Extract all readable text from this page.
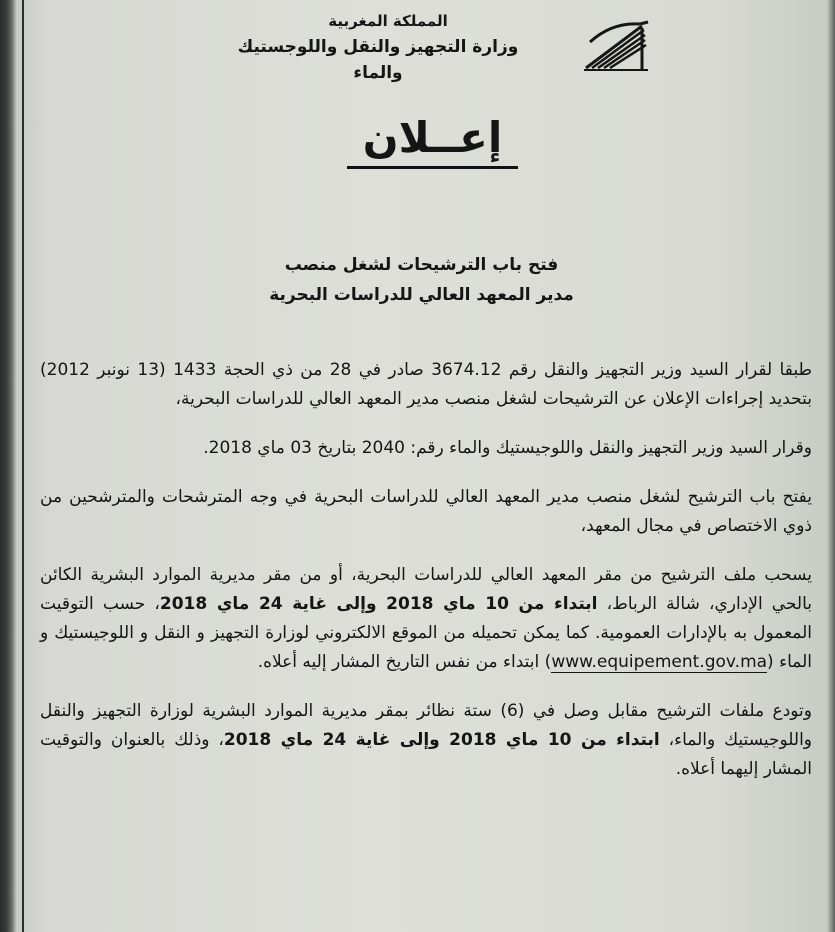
المملكة المغربية
وزارة التجهيز والنقل واللوجستيك والماء
إعــلان
فتح باب الترشيحات لشغل منصب
مدير المعهد العالي للدراسات البحرية

طبقا لقرار السيد وزير التجهيز والنقل رقم 3674.12 صادر في 28 من ذي الحجة 1433 (13 نونبر 2012) بتحديد إجراءات الإعلان عن الترشيحات لشغل منصب مدير المعهد العالي للدراسات البحرية،

وقرار السيد وزير التجهيز والنقل واللوجيستيك والماء رقم: 2040 بتاريخ 03 ماي 2018.

يفتح باب الترشيح لشغل منصب مدير المعهد العالي للدراسات البحرية في وجه المترشحات والمترشحين من ذوي الاختصاص في مجال المعهد،

يسحب ملف الترشيح من مقر المعهد العالي للدراسات البحرية، أو من مقر مديرية الموارد البشرية الكائن بالحي الإداري، شالة الرباط، ابتداء من 10 ماي 2018 وإلى غاية 24 ماي 2018، حسب التوقيت المعمول به بالإدارات العمومية. كما يمكن تحميله من الموقع الالكتروني لوزارة التجهيز و النقل و اللوجيستيك و الماء (www.equipement.gov.ma) ابتداء من نفس التاريخ المشار إليه أعلاه.

وتودع ملفات الترشيح مقابل وصل في (6) ستة نظائر بمقر مديرية الموارد البشرية لوزارة التجهيز والنقل واللوجيستيك والماء، ابتداء من 10 ماي 2018 وإلى غاية 24 ماي 2018، وذلك بالعنوان والتوقيت المشار إليهما أعلاه.
